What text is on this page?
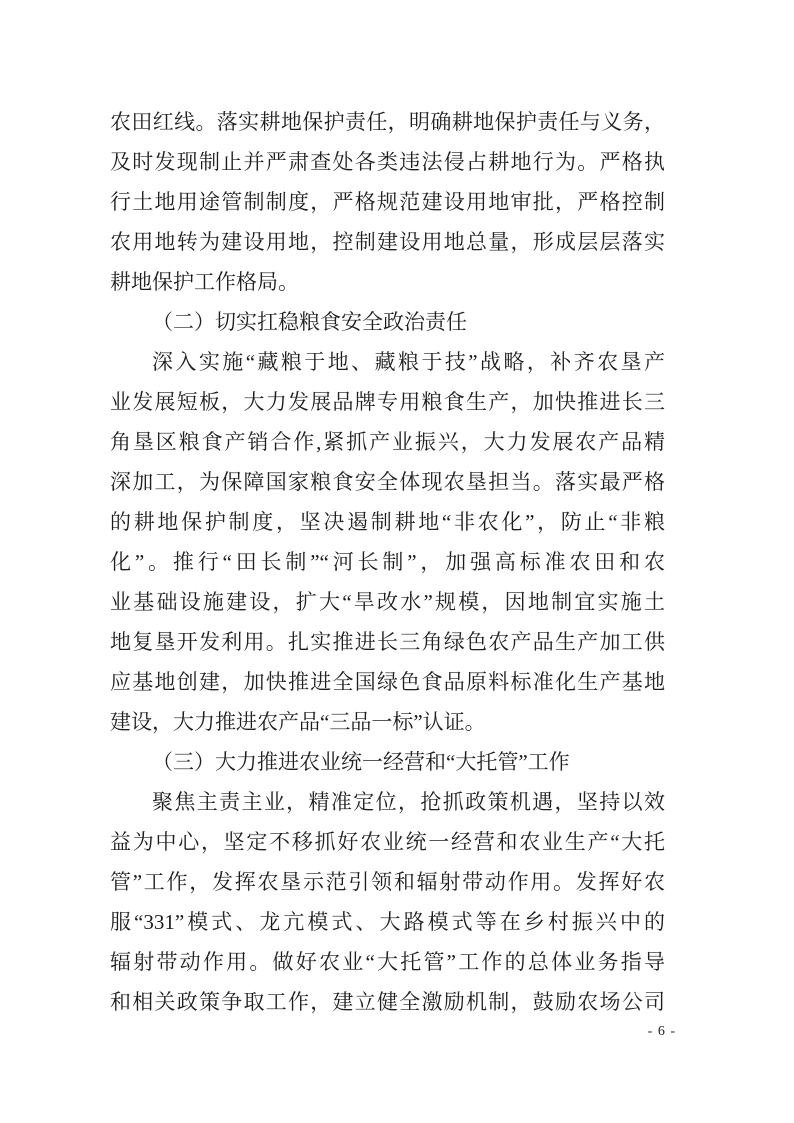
农田红线。落实耕地保护责任，明确耕地保护责任与义务，
及时发现制止并严肃查处各类违法侵占耕地行为。严格执
行土地用途管制制度，严格规范建设用地审批，严格控制
农用地转为建设用地，控制建设用地总量，形成层层落实
耕地保护工作格局。
（二）切实扛稳粮食安全政治责任
深入实施“藏粮于地、藏粮于技”战略，补齐农垦产
业发展短板，大力发展品牌专用粮食生产，加快推进长三
角垦区粮食产销合作,紧抓产业振兴，大力发展农产品精
深加工，为保障国家粮食安全体现农垦担当。落实最严格
的耕地保护制度，坚决遏制耕地“非农化”，防止“非粮
化”。推行“田长制”“河长制”，加强高标准农田和农
业基础设施建设，扩大“旱改水”规模，因地制宜实施土
地复垦开发利用。扎实推进长三角绿色农产品生产加工供
应基地创建，加快推进全国绿色食品原料标准化生产基地
建设，大力推进农产品“三品一标”认证。
（三）大力推进农业统一经营和“大托管”工作
聚焦主责主业，精准定位，抢抓政策机遇，坚持以效
益为中心，坚定不移抓好农业统一经营和农业生产“大托
管”工作，发挥农垦示范引领和辐射带动作用。发挥好农
服“331”模式、龙亢模式、大路模式等在乡村振兴中的
辐射带动作用。做好农业“大托管”工作的总体业务指导
和相关政策争取工作，建立健全激励机制，鼓励农场公司
- 6 -
